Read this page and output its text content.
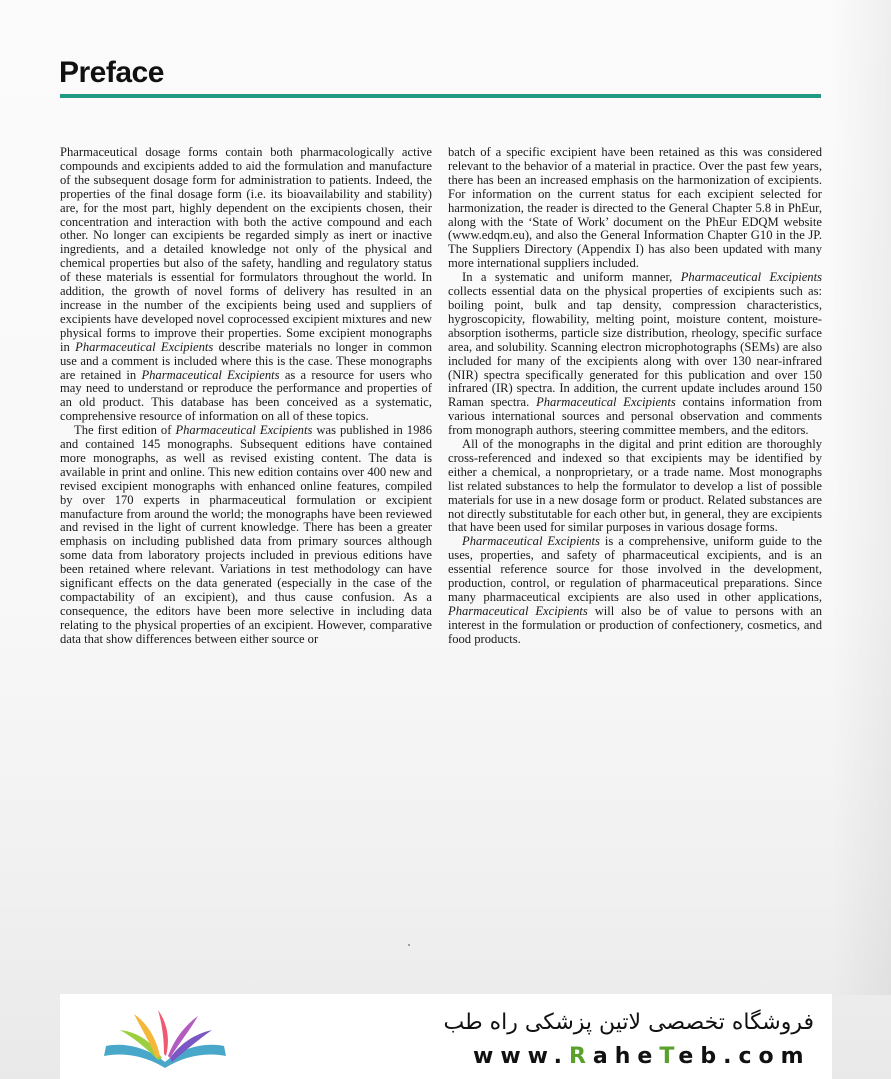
Preface

Pharmaceutical dosage forms contain both pharmacologically active compounds and excipients added to aid the formulation and manufacture of the subsequent dosage form for administration to patients. Indeed, the properties of the final dosage form (i.e. its bioavailability and stability) are, for the most part, highly dependent on the excipients chosen, their concentration and interaction with both the active compound and each other. No longer can excipients be regarded simply as inert or inactive ingredients, and a detailed knowledge not only of the physical and chemical properties but also of the safety, handling and regulatory status of these materials is essential for formulators throughout the world. In addition, the growth of novel forms of delivery has resulted in an increase in the number of the excipients being used and suppliers of excipients have developed novel coprocessed excipient mixtures and new physical forms to improve their properties. Some excipient monographs in Pharmaceutical Excipients describe materials no longer in common use and a comment is included where this is the case. These monographs are retained in Pharmaceutical Excipients as a resource for users who may need to understand or reproduce the performance and properties of an old product. This database has been conceived as a systematic, comprehensive resource of information on all of these topics.

The first edition of Pharmaceutical Excipients was published in 1986 and contained 145 monographs. Subsequent editions have contained more monographs, as well as revised existing content. The data is available in print and online. This new edition contains over 400 new and revised excipient monographs with enhanced online features, compiled by over 170 experts in pharmaceutical formulation or excipient manufacture from around the world; the monographs have been reviewed and revised in the light of current knowledge. There has been a greater emphasis on including published data from primary sources although some data from laboratory projects included in previous editions have been retained where relevant. Variations in test methodology can have significant effects on the data generated (especially in the case of the compactability of an excipient), and thus cause confusion. As a consequence, the editors have been more selective in including data relating to the physical properties of an excipient. However, comparative data that show differences between either source or

batch of a specific excipient have been retained as this was considered relevant to the behavior of a material in practice. Over the past few years, there has been an increased emphasis on the harmonization of excipients. For information on the current status for each excipient selected for harmonization, the reader is directed to the General Chapter 5.8 in PhEur, along with the ‘State of Work’ document on the PhEur EDQM website (www.edqm.eu), and also the General Information Chapter G10 in the JP. The Suppliers Directory (Appendix I) has also been updated with many more international suppliers included.

In a systematic and uniform manner, Pharmaceutical Excipients collects essential data on the physical properties of excipients such as: boiling point, bulk and tap density, compression characteristics, hygroscopicity, flowability, melting point, moisture content, moisture-absorption isotherms, particle size distribution, rheology, specific surface area, and solubility. Scanning electron microphotographs (SEMs) are also included for many of the excipients along with over 130 near-infrared (NIR) spectra specifically generated for this publication and over 150 infrared (IR) spectra. In addition, the current update includes around 150 Raman spectra. Pharmaceutical Excipients contains information from various international sources and personal observation and comments from monograph authors, steering committee members, and the editors.

All of the monographs in the digital and print edition are thoroughly cross-referenced and indexed so that excipients may be identified by either a chemical, a nonproprietary, or a trade name. Most monographs list related substances to help the formulator to develop a list of possible materials for use in a new dosage form or product. Related substances are not directly substitutable for each other but, in general, they are excipients that have been used for similar purposes in various dosage forms.

Pharmaceutical Excipients is a comprehensive, uniform guide to the uses, properties, and safety of pharmaceutical excipients, and is an essential reference source for those involved in the development, production, control, or regulation of pharmaceutical preparations. Since many pharmaceutical excipients are also used in other applications, Pharmaceutical Excipients will also be of value to persons with an interest in the formulation or production of confectionery, cosmetics, and food products.

فروشگاه تخصصی لاتین پزشکی راه طب
www.RaheTeb.com
